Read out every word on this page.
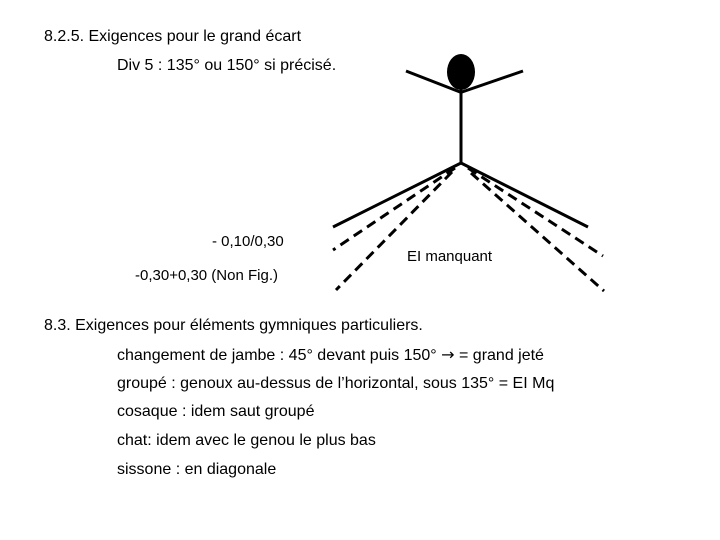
8.2.5. Exigences pour le grand écart
Div 5 : 135° ou 150° si précisé.
- 0,10/0,30
-0,30+0,30 (Non Fig.)
EI manquant
8.3. Exigences pour éléments gymniques particuliers.
changement de jambe : 45° devant puis 150° → = grand jeté
groupé : genoux au-dessus de l’horizontal, sous 135° = EI Mq
cosaque : idem saut groupé
chat: idem avec le genou le plus bas
sissone : en diagonale
